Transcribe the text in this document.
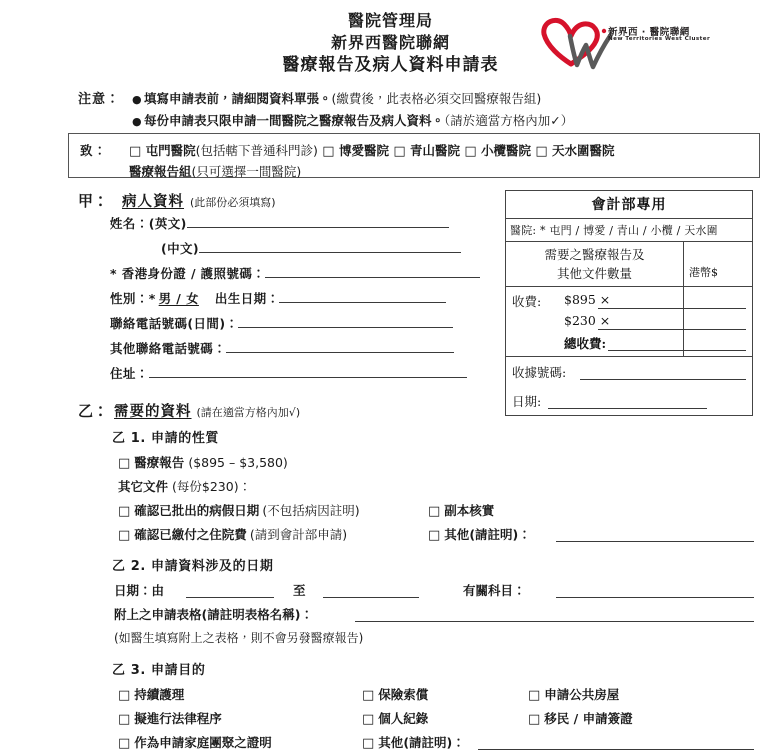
醫院管理局
新界西醫院聯網
醫療報告及病人資料申請表
新界西 · 醫院聯網
New Territories West Cluster
注意： ● 填寫申請表前，請細閱資料單張。(繳費後，此表格必須交回醫療報告組)
● 每份申請表只限申請一間醫院之醫療報告及病人資料。（請於適當方格內加✓）
致： □ 屯門醫院(包括轄下普通科門診) □ 博愛醫院 □ 青山醫院 □ 小欖醫院 □ 天水圍醫院
醫療報告組(只可選擇一間醫院)
甲： 病人資料 (此部份必須填寫)
姓名：(英文)
(中文)
* 香港身份證 / 護照號碼：
性別：* 男 / 女 出生日期：
聯絡電話號碼(日間)：
其他聯絡電話號碼：
住址：
會計部專用
醫院: * 屯門 / 博愛 / 青山 / 小欖 / 天水圍
需要之醫療報告及
其他文件數量	港幣$
收費: $895 ×
$230 ×
總收費:
收據號碼:
日期:
乙： 需要的資料 (請在適當方格內加√)
乙 1. 申請的性質
□ 醫療報告 ($895 – $3,580)
其它文件 (每份$230)：
□ 確認已批出的病假日期 (不包括病因註明)	□ 副本核實
□ 確認已繳付之住院費 (請到會計部申請)	□ 其他(請註明)：
乙 2. 申請資料涉及的日期
日期：由	至	有關科目：
附上之申請表格(請註明表格名稱)：
(如醫生填寫附上之表格，則不會另發醫療報告)
乙 3. 申請目的
□ 持續護理	□ 保險索償	□ 申請公共房屋
□ 擬進行法律程序	□ 個人紀錄	□ 移民 / 申請簽證
□ 作為申請家庭團聚之證明	□ 其他(請註明)：
